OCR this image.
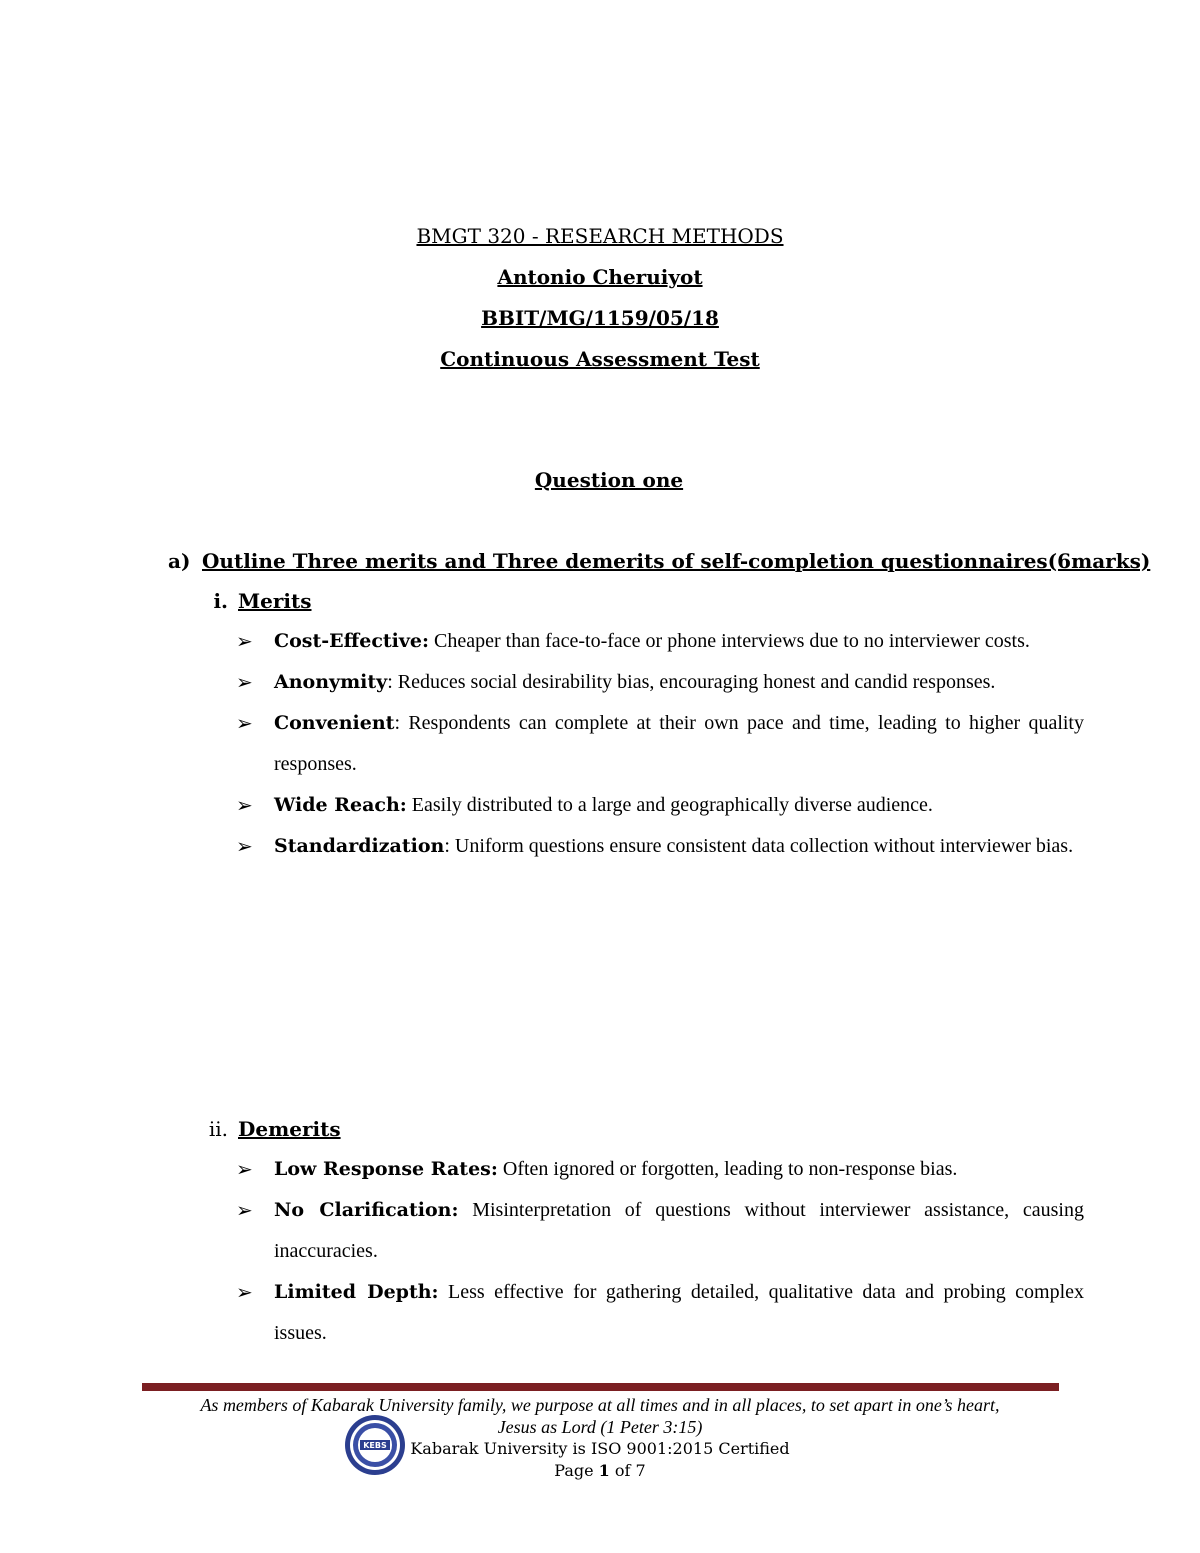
BMGT 320 - RESEARCH METHODS
Antonio Cheruiyot
BBIT/MG/1159/05/18
Continuous Assessment Test
Question one
a) Outline Three merits and Three demerits of self-completion questionnaires(6marks)
i. Merits
➢ Cost-Effective: Cheaper than face-to-face or phone interviews due to no interviewer costs.
➢ Anonymity: Reduces social desirability bias, encouraging honest and candid responses.
➢ Convenient: Respondents can complete at their own pace and time, leading to higher quality responses.
➢ Wide Reach: Easily distributed to a large and geographically diverse audience.
➢ Standardization: Uniform questions ensure consistent data collection without interviewer bias.
ii. Demerits
➢ Low Response Rates: Often ignored or forgotten, leading to non-response bias.
➢ No Clarification: Misinterpretation of questions without interviewer assistance, causing inaccuracies.
➢ Limited Depth: Less effective for gathering detailed, qualitative data and probing complex issues.
As members of Kabarak University family, we purpose at all times and in all places, to set apart in one’s heart,
Jesus as Lord (1 Peter 3:15)
Kabarak University is ISO 9001:2015 Certified
Page 1 of 7
KEBS
